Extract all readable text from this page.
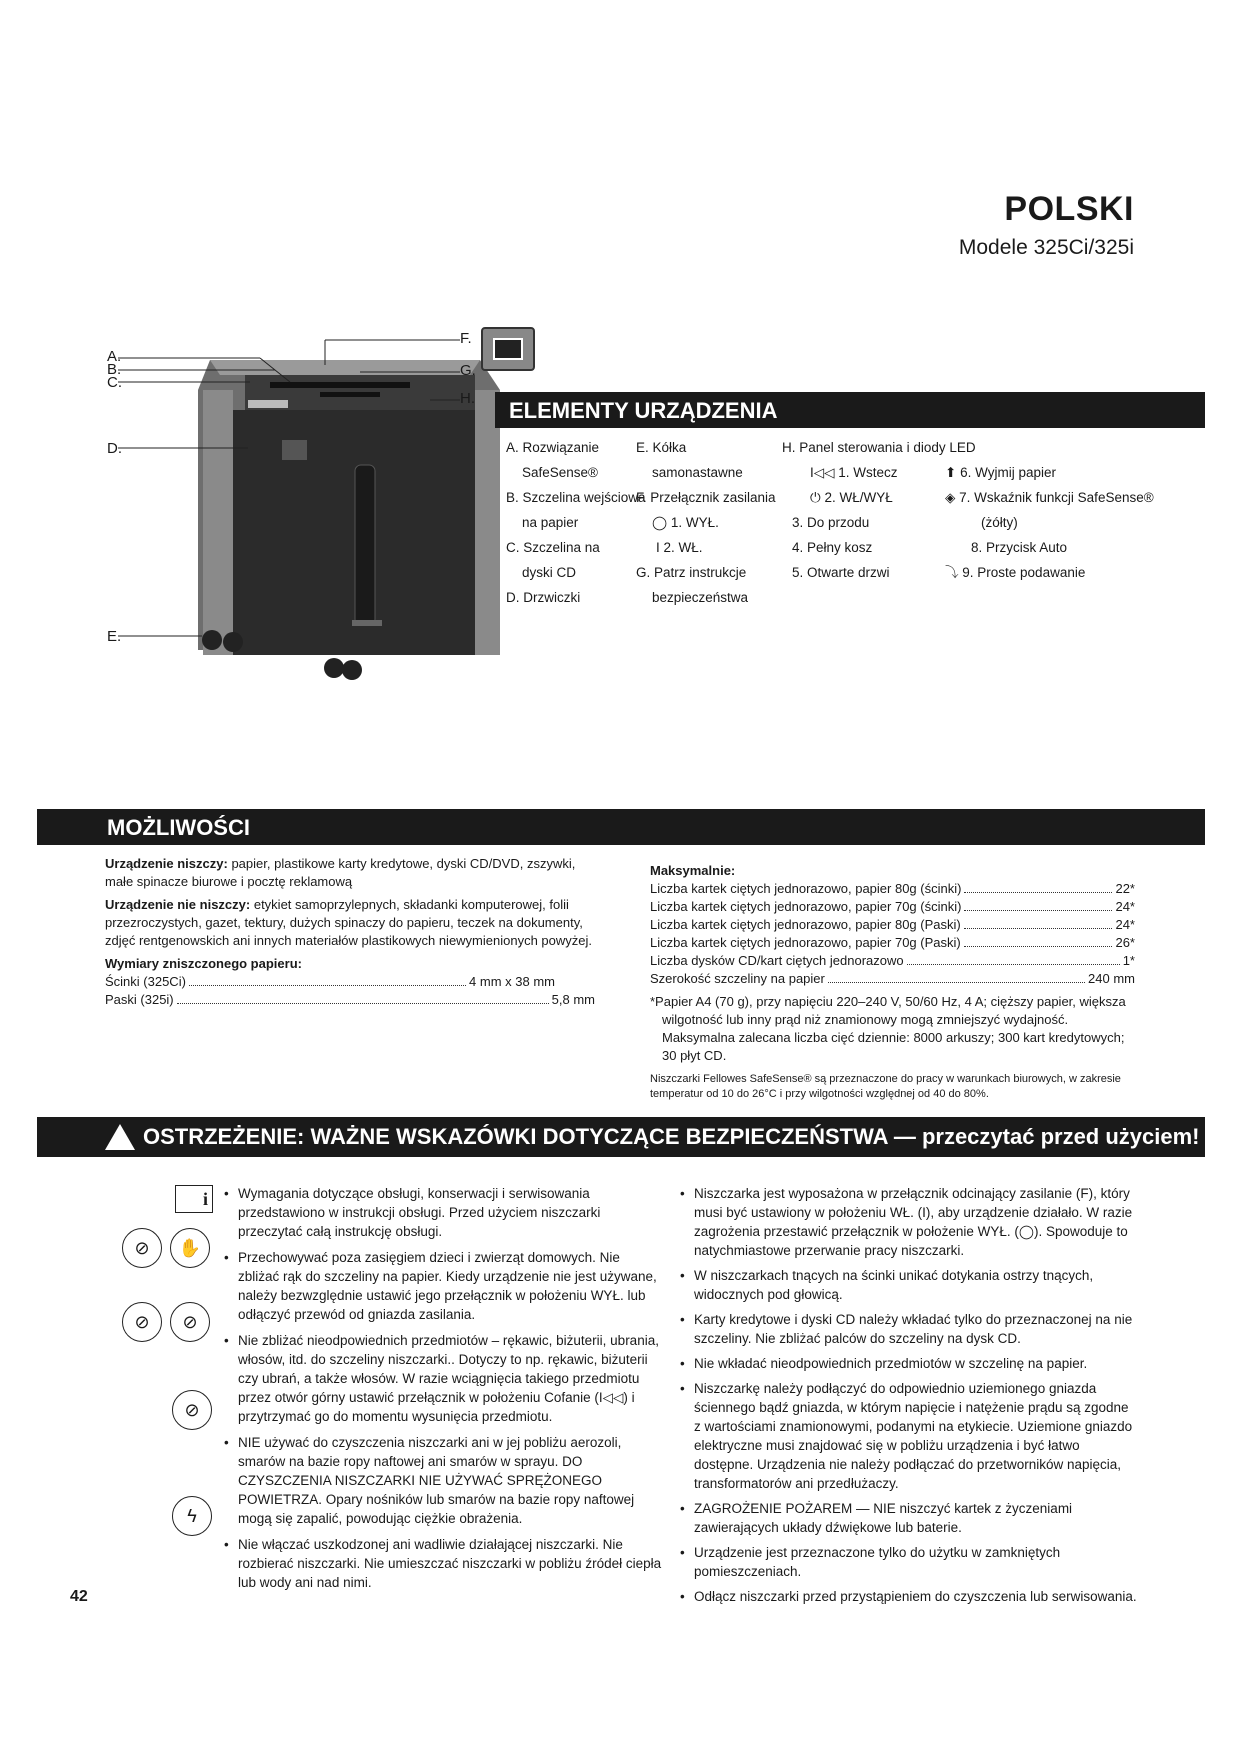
POLSKI
Modele 325Ci/325i
A.
B.
C.
D.
E.
F.
G.
H.	ELEMENTY URZĄDZENIA
A. Rozwiązanie
SafeSense®
B. Szczelina wejściowa
na papier
C. Szczelina na
dyski CD
D. Drzwiczki
E. Kółka
samonastawne
F. Przełącznik zasilania
◯ 1. WYŁ.
I 2. WŁ.
G. Patrz instrukcje
bezpieczeństwa
H. Panel sterowania i diody LED
I◁◁ 1. Wstecz
⏻ 2. WŁ/WYŁ
3. Do przodu
4. Pełny kosz
5. Otwarte drzwi
⬆ 6. Wyjmij papier
◈ 7. Wskaźnik funkcji SafeSense®
(żółty)
8. Przycisk Auto
⤵ 9. Proste podawanie
MOŻLIWOŚCI
Urządzenie niszczy: papier, plastikowe karty kredytowe, dyski CD/DVD, zszywki, małe spinacze biurowe i pocztę reklamową
Urządzenie nie niszczy: etykiet samoprzylepnych, składanki komputerowej, folii przezroczystych, gazet, tektury, dużych spinaczy do papieru, teczek na dokumenty, zdjęć rentgenowskich ani innych materiałów plastikowych niewymienionych powyżej.
Wymiary zniszczonego papieru:
Ścinki (325Ci)	4 mm x 38 mm
Paski (325i)	5,8 mm
Maksymalnie:
Liczba kartek ciętych jednorazowo, papier 80g (ścinki)	22*
Liczba kartek ciętych jednorazowo, papier 70g (ścinki)	24*
Liczba kartek ciętych jednorazowo, papier 80g (Paski)	24*
Liczba kartek ciętych jednorazowo, papier 70g (Paski)	26*
Liczba dysków CD/kart ciętych jednorazowo	1*
Szerokość szczeliny na papier	240 mm
*Papier A4 (70 g), przy napięciu 220–240 V, 50/60 Hz, 4 A; cięższy papier, większa wilgotność lub inny prąd niż znamionowy mogą zmniejszyć wydajność. Maksymalna zalecana liczba cięć dziennie: 8000 arkuszy; 300 kart kredytowych; 30 płyt CD.
Niszczarki Fellowes SafeSense® są przeznaczone do pracy w warunkach biurowych, w zakresie temperatur od 10 do 26°C i przy wilgotności względnej od 40 do 80%.
OSTRZEŻENIE: WAŻNE WSKAZÓWKI DOTYCZĄCE BEZPIECZEŃSTWA — przeczytać przed użyciem!
i
⊘	✋
⊘	⊘
⊘
ϟ
• Wymagania dotyczące obsługi, konserwacji i serwisowania przedstawiono w instrukcji obsługi. Przed użyciem niszczarki przeczytać całą instrukcję obsługi.
• Przechowywać poza zasięgiem dzieci i zwierząt domowych. Nie zbliżać rąk do szczeliny na papier. Kiedy urządzenie nie jest używane, należy bezwzględnie ustawić jego przełącznik w położeniu WYŁ. lub odłączyć przewód od gniazda zasilania.
• Nie zbliżać nieodpowiednich przedmiotów – rękawic, biżuterii, ubrania, włosów, itd. do szczeliny niszczarki.. Dotyczy to np. rękawic, biżuterii czy ubrań, a także włosów. W razie wciągnięcia takiego przedmiotu przez otwór górny ustawić przełącznik w położeniu Cofanie (I◁◁) i przytrzymać go do momentu wysunięcia przedmiotu.
• NIE używać do czyszczenia niszczarki ani w jej pobliżu aerozoli, smarów na bazie ropy naftowej ani smarów w sprayu. DO CZYSZCZENIA NISZCZARKI NIE UŻYWAĆ SPRĘŻONEGO POWIETRZA. Opary nośników lub smarów na bazie ropy naftowej mogą się zapalić, powodując ciężkie obrażenia.
• Nie włączać uszkodzonej ani wadliwie działającej niszczarki. Nie rozbierać niszczarki. Nie umieszczać niszczarki w pobliżu źródeł ciepła lub wody ani nad nimi.
• Niszczarka jest wyposażona w przełącznik odcinający zasilanie (F), który musi być ustawiony w położeniu WŁ. (I), aby urządzenie działało. W razie zagrożenia przestawić przełącznik w położenie WYŁ. (◯). Spowoduje to natychmiastowe przerwanie pracy niszczarki.
• W niszczarkach tnących na ścinki unikać dotykania ostrzy tnących, widocznych pod głowicą.
• Karty kredytowe i dyski CD należy wkładać tylko do przeznaczonej na nie szczeliny. Nie zbliżać palców do szczeliny na dysk CD.
• Nie wkładać nieodpowiednich przedmiotów w szczelinę na papier.
• Niszczarkę należy podłączyć do odpowiednio uziemionego gniazda ściennego bądź gniazda, w którym napięcie i natężenie prądu są zgodne z wartościami znamionowymi, podanymi na etykiecie. Uziemione gniazdo elektryczne musi znajdować się w pobliżu urządzenia i być łatwo dostępne. Urządzenia nie należy podłączać do przetworników napięcia, transformatorów ani przedłużaczy.
• ZAGROŻENIE POŻAREM — NIE niszczyć kartek z życzeniami zawierających układy dźwiękowe lub baterie.
• Urządzenie jest przeznaczone tylko do użytku w zamkniętych pomieszczeniach.
• Odłącz niszczarki przed przystąpieniem do czyszczenia lub serwisowania.
42
